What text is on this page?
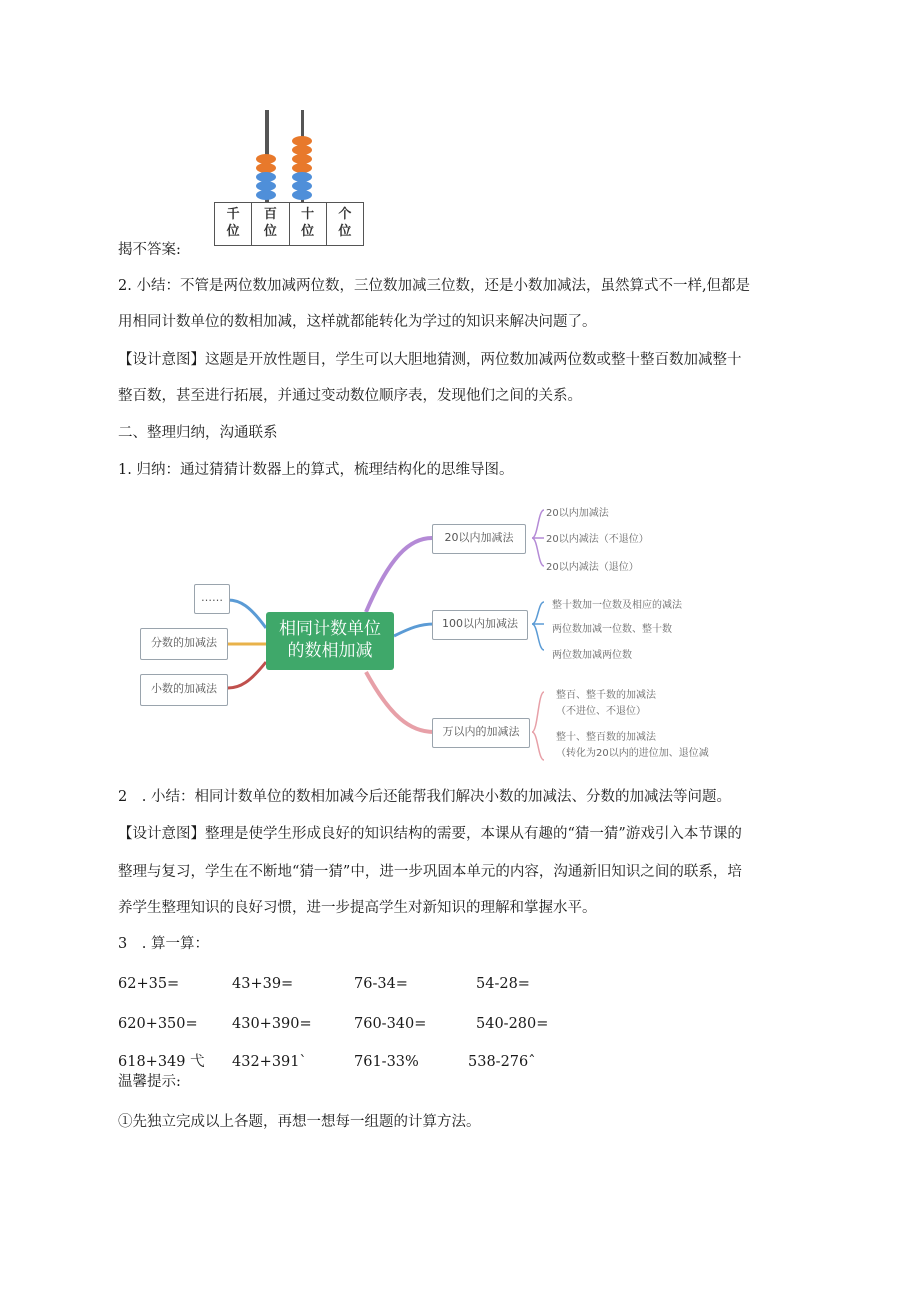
千
位
百
位
十
位
个
位
揭不答案:
2. 小结：不管是两位数加减两位数，三位数加减三位数，还是小数加减法，虽然算式不一样,但都是
用相同计数单位的数相加减，这样就都能转化为学过的知识来解决问题了。
【设计意图】这题是开放性题目，学生可以大胆地猜测，两位数加减两位数或整十整百数加减整十
整百数，甚至进行拓展，并通过变动数位顺序表，发现他们之间的关系。
二、整理归纳，沟通联系
1. 归纳：通过猜猜计数器上的算式，梳理结构化的思维导图。
相同计数单位
的数相加减
……
分数的加减法
小数的加减法
20以内加减法
100以内加减法
万以内的加减法
20以内加减法
20以内减法（不退位）
20以内减法（退位）
整十数加一位数及相应的减法
两位数加减一位数、整十数
两位数加减两位数
整百、整千数的加减法
（不进位、不退位）
整十、整百数的加减法
（转化为20以内的进位加、退位减
2　. 小结：相同计数单位的数相加减今后还能帮我们解决小数的加减法、分数的加减法等问题。
【设计意图】整理是使学生形成良好的知识结构的需要，本课从有趣的“猜一猜”游戏引入本节课的
整理与复习，学生在不断地“猜一猜”中，进一步巩固本单元的内容，沟通新旧知识之间的联系，培
养学生整理知识的良好习惯，进一步提高学生对新知识的理解和掌握水平。
3　. 算一算：
62+35=	43+39=	76-34=	54-28=
620+350= 430+390=	760-340=	540-280=
618+349 弋 432+391ˋ	761-33%	538-276ˆ
温馨提示:
①先独立完成以上各题，再想一想每一组题的计算方法。
